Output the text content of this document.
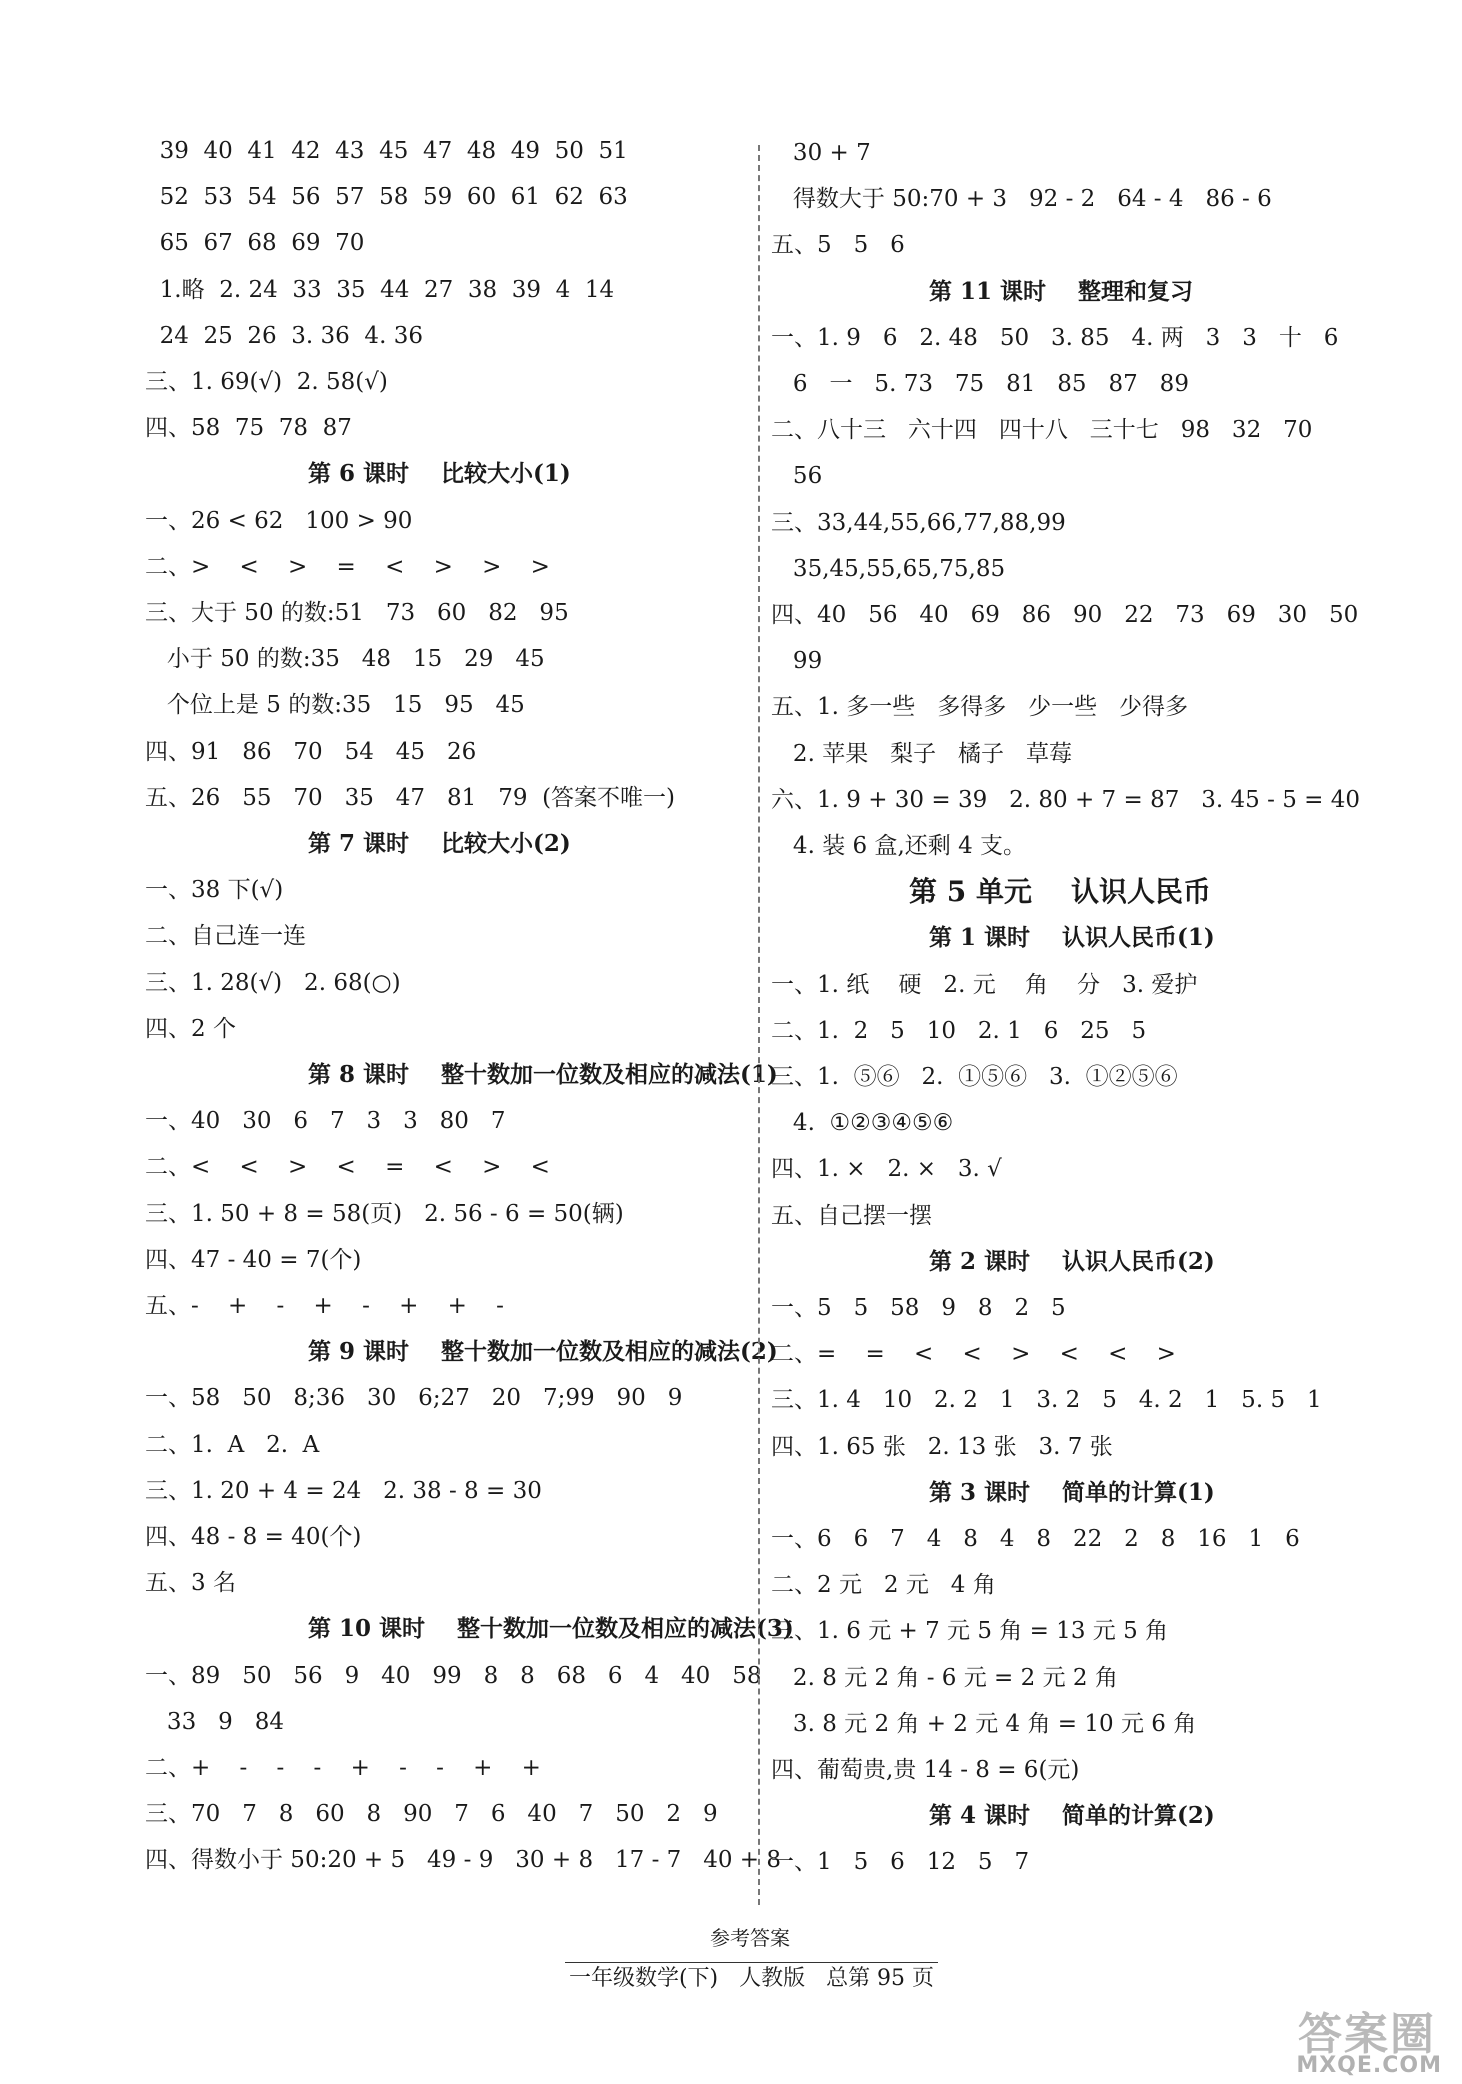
39  40  41  42  43  45  47  48  49  50  51
52  53  54  56  57  58  59  60  61  62  63
65  67  68  69  70
1.略  2. 24  33  35  44  27  38  39  4  14
24  25  26  3. 36  4. 36
三、1. 69(√)  2. 58(√)
四、58  75  78  87
第 6 课时    比较大小(1)
一、26 < 62   100 > 90
二、>    <    >    =    <    >    >    >
三、大于 50 的数:51   73   60   82   95
小于 50 的数:35   48   15   29   45
个位上是 5 的数:35   15   95   45
四、91   86   70   54   45   26
五、26   55   70   35   47   81   79  (答案不唯一)
第 7 课时    比较大小(2)
一、38 下(√)
二、自己连一连
三、1. 28(√)   2. 68(○)
四、2 个
第 8 课时    整十数加一位数及相应的减法(1)
一、40   30   6   7   3   3   80   7
二、<    <    >    <    =    <    >    <
三、1. 50 + 8 = 58(页)   2. 56 - 6 = 50(辆)
四、47 - 40 = 7(个)
五、-    +    -    +    -    +    +    -
第 9 课时    整十数加一位数及相应的减法(2)
一、58   50   8;36   30   6;27   20   7;99   90   9
二、1.  A   2.  A
三、1. 20 + 4 = 24   2. 38 - 8 = 30
四、48 - 8 = 40(个)
五、3 名
第 10 课时    整十数加一位数及相应的减法(3)
一、89   50   56   9   40   99   8   8   68   6   4   40   58
33   9   84
二、+    -    -    -    +    -    -    +    +
三、70   7   8   60   8   90   7   6   40   7   50   2   9
四、得数小于 50:20 + 5   49 - 9   30 + 8   17 - 7   40 + 8
30 + 7
得数大于 50:70 + 3   92 - 2   64 - 4   86 - 6
五、5   5   6
第 11 课时    整理和复习
一、1. 9   6   2. 48   50   3. 85   4. 两   3   3   十   6
6   一   5. 73   75   81   85   87   89
二、八十三   六十四   四十八   三十七   98   32   70
56
三、33,44,55,66,77,88,99
35,45,55,65,75,85
四、40   56   40   69   86   90   22   73   69   30   50
99
五、1. 多一些   多得多   少一些   少得多
2. 苹果   梨子   橘子   草莓
六、1. 9 + 30 = 39   2. 80 + 7 = 87   3. 45 - 5 = 40
4. 装 6 盒,还剩 4 支。
第 5 单元    认识人民币
第 1 课时    认识人民币(1)
一、1. 纸    硬   2. 元    角    分   3. 爱护
二、1.  2   5   10   2. 1   6   25   5
三、1.  ⑤⑥   2.  ①⑤⑥   3.  ①②⑤⑥
4.  ①②③④⑤⑥
四、1. ×   2. ×   3. √
五、自己摆一摆
第 2 课时    认识人民币(2)
一、5   5   58   9   8   2   5
二、=    =    <    <    >    <    <    >
三、1. 4   10   2. 2   1   3. 2   5   4. 2   1   5. 5   1
四、1. 65 张   2. 13 张   3. 7 张
第 3 课时    简单的计算(1)
一、6   6   7   4   8   4   8   22   2   8   16   1   6
二、2 元   2 元   4 角
三、1. 6 元 + 7 元 5 角 = 13 元 5 角
2. 8 元 2 角 - 6 元 = 2 元 2 角
3. 8 元 2 角 + 2 元 4 角 = 10 元 6 角
四、葡萄贵,贵 14 - 8 = 6(元)
第 4 课时    简单的计算(2)
一、1   5   6   12   5   7
参考答案
一年级数学(下)   人教版   总第 95 页
答案圈
MXQE.COM
